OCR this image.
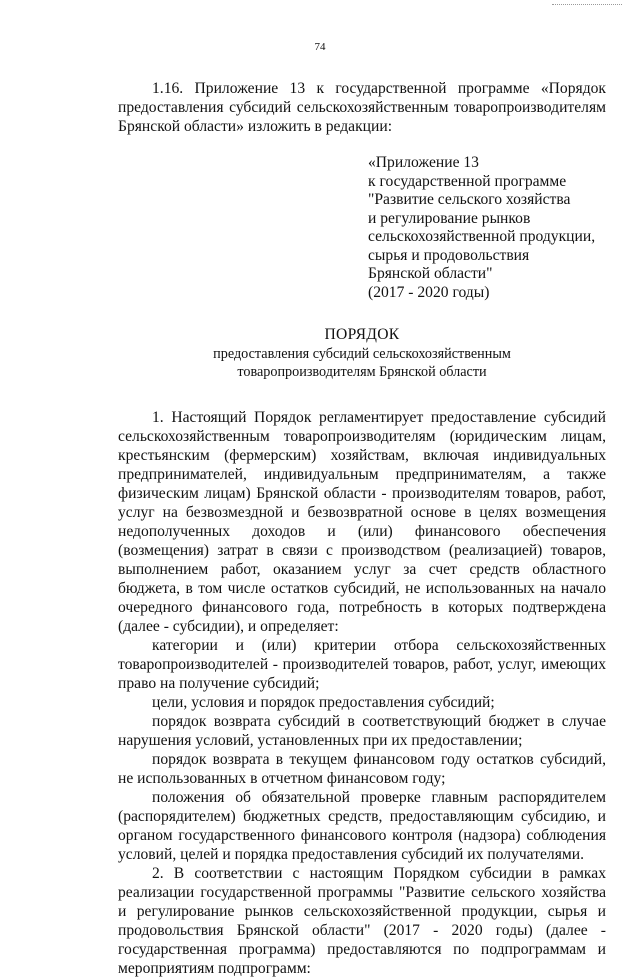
74

1.16. Приложение 13 к государственной программе «Порядок предоставления субсидий сельскохозяйственным товаропроизводителям Брянской области» изложить в редакции:

«Приложение 13
к государственной программе
"Развитие сельского хозяйства
и регулирование рынков
сельскохозяйственной продукции,
сырья и продовольствия
Брянской области"
(2017 - 2020 годы)
ПОРЯДОК
предоставления субсидий сельскохозяйственным
товаропроизводителям Брянской области

1. Настоящий Порядок регламентирует предоставление субсидий сельскохозяйственным товаропроизводителям (юридическим лицам, крестьянским (фермерским) хозяйствам, включая индивидуальных предпринимателей, индивидуальным предпринимателям, а также физическим лицам) Брянской области - производителям товаров, работ, услуг на безвозмездной и безвозвратной основе в целях возмещения недополученных доходов и (или) финансового обеспечения (возмещения) затрат в связи с производством (реализацией) товаров, выполнением работ, оказанием услуг за счет средств областного бюджета, в том числе остатков субсидий, не использованных на начало очередного финансового года, потребность в которых подтверждена (далее - субсидии), и определяет:

категории и (или) критерии отбора сельскохозяйственных товаропроизводителей - производителей товаров, работ, услуг, имеющих право на получение субсидий;

цели, условия и порядок предоставления субсидий;

порядок возврата субсидий в соответствующий бюджет в случае нарушения условий, установленных при их предоставлении;

порядок возврата в текущем финансовом году остатков субсидий, не использованных в отчетном финансовом году;

положения об обязательной проверке главным распорядителем (распорядителем) бюджетных средств, предоставляющим субсидию, и органом государственного финансового контроля (надзора) соблюдения условий, целей и порядка предоставления субсидий их получателями.

2. В соответствии с настоящим Порядком субсидии в рамках реализации государственной программы "Развитие сельского хозяйства и регулирование рынков сельскохозяйственной продукции, сырья и продовольствия Брянской области" (2017 - 2020 годы) (далее - государственная программа) предоставляются по подпрограммам и мероприятиям подпрограмм:
